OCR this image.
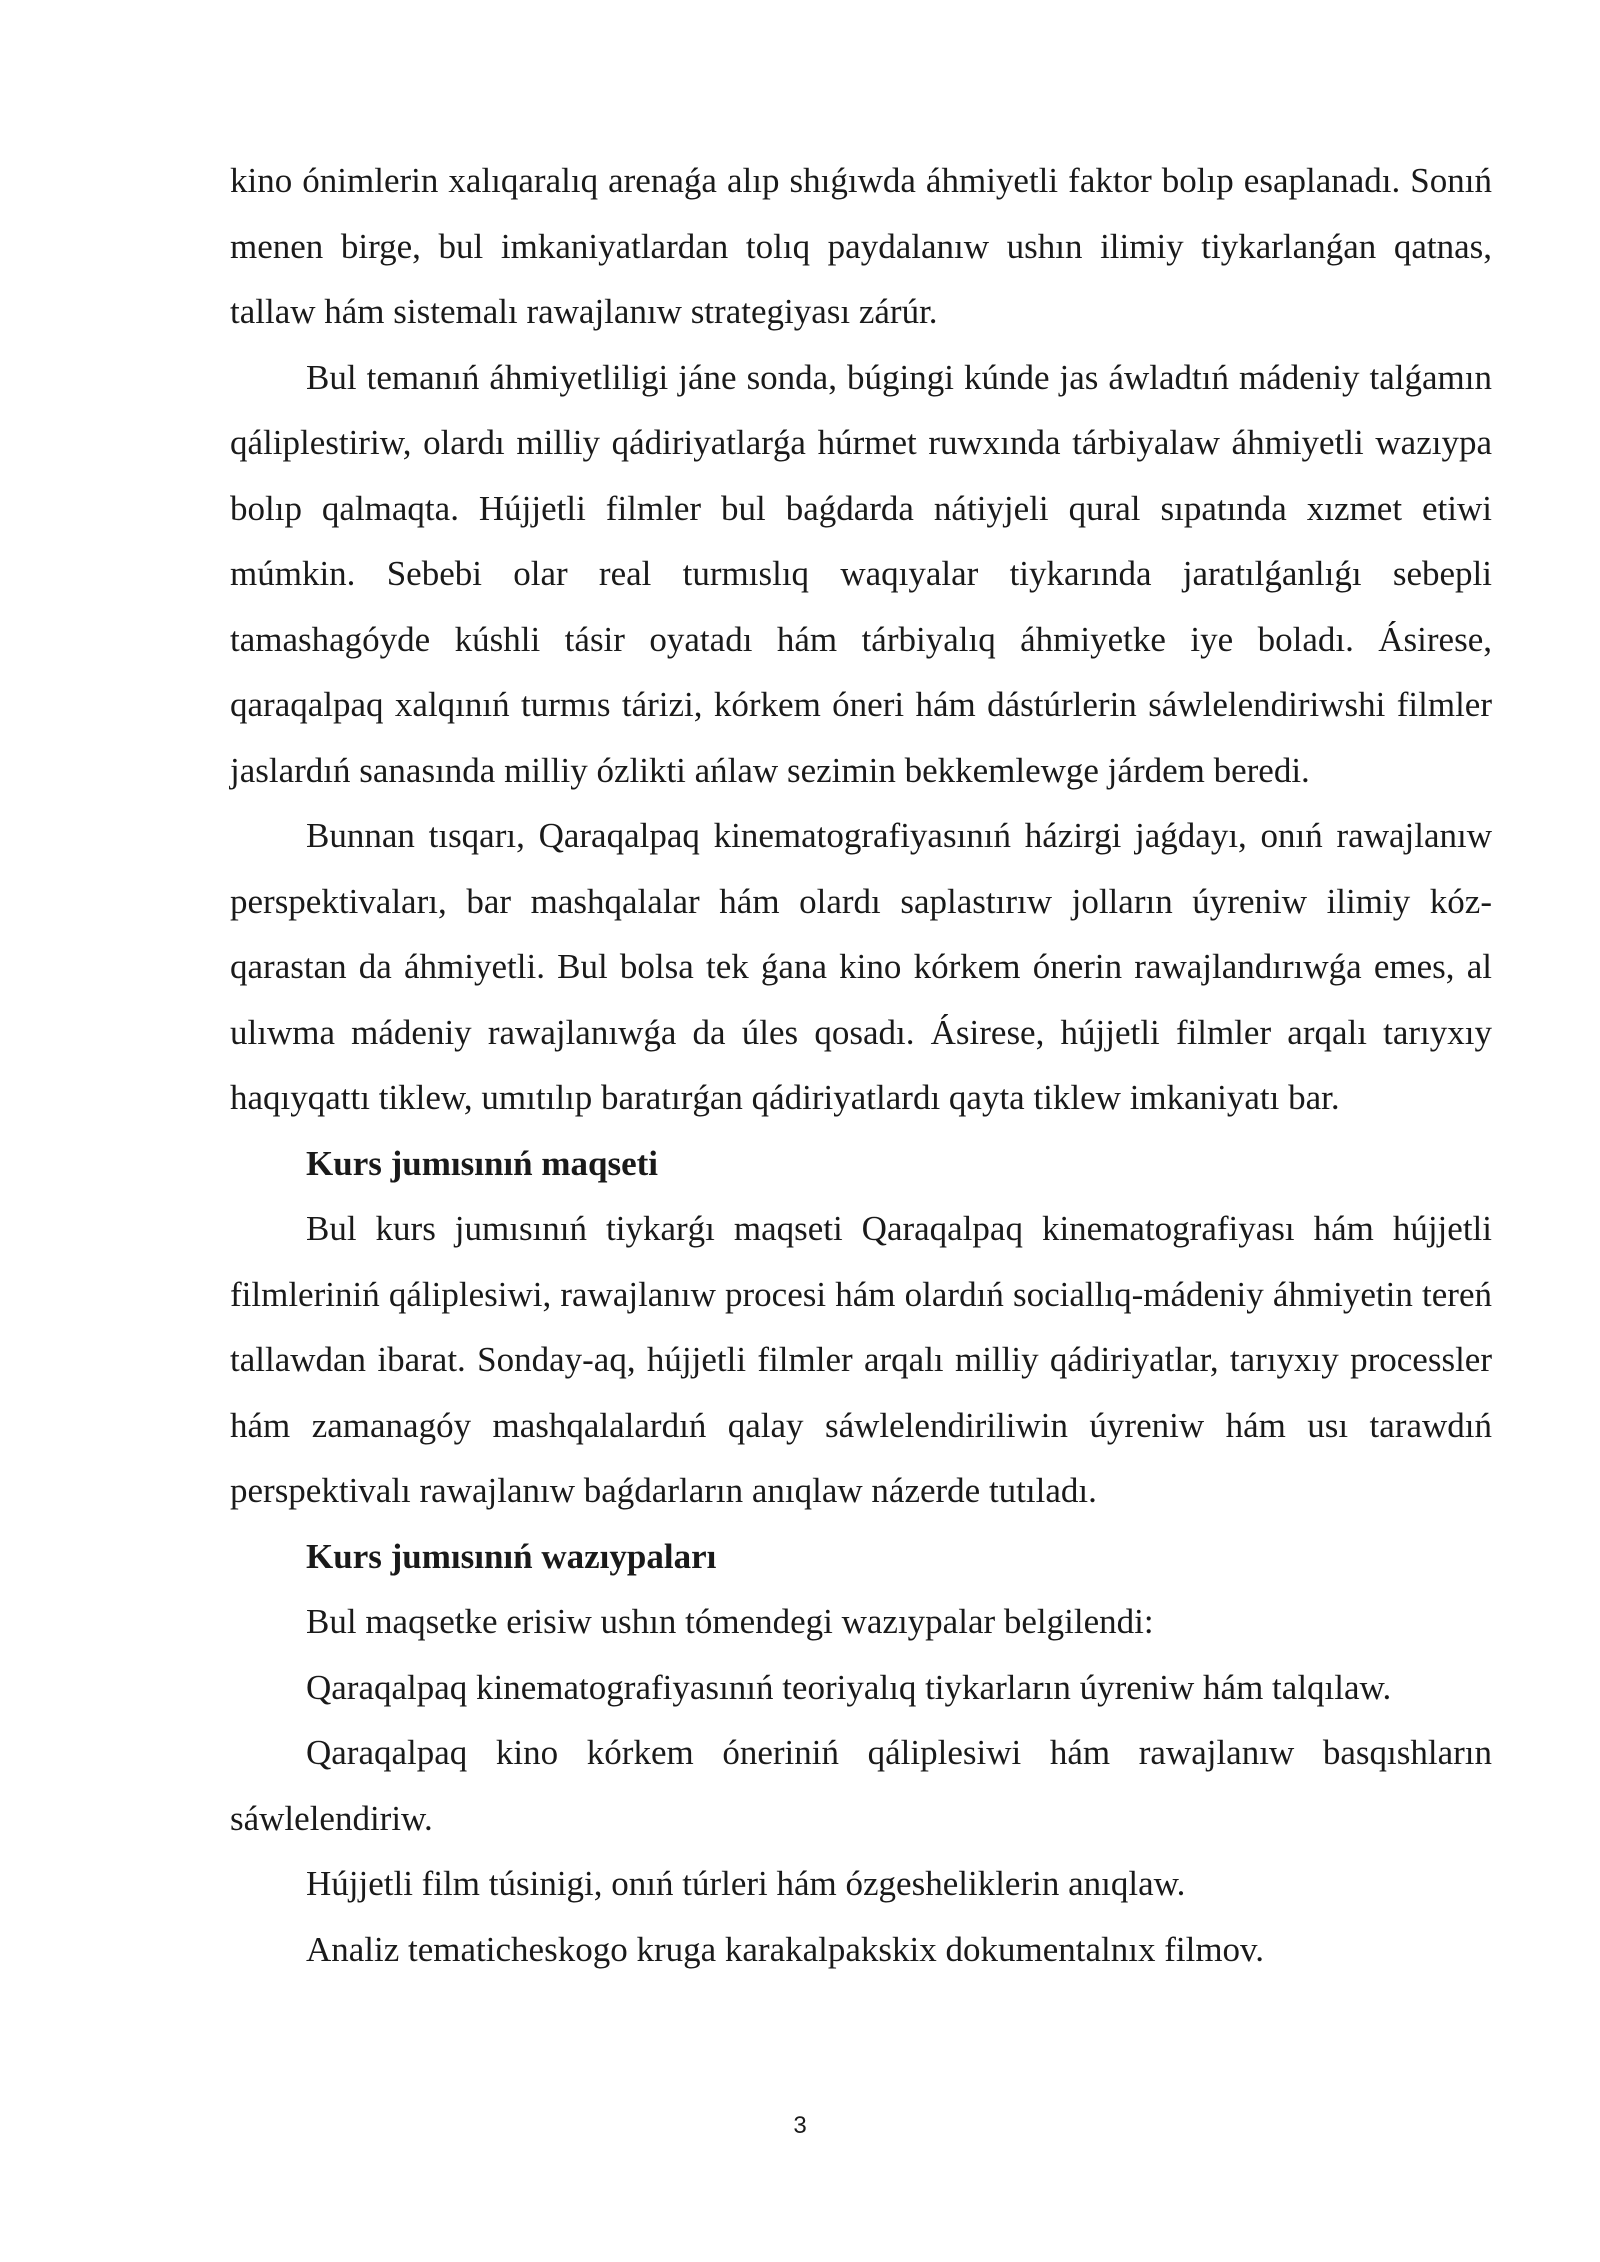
kino ónimlerin xalıqaralıq arenaǵa alıp shıǵıwda áhmiyetli faktor bolıp esaplanadı. Sonıń menen birge, bul imkaniyatlardan tolıq paydalanıw ushın ilimiy tiykarlanǵan qatnas, tallaw hám sistemalı rawajlanıw strategiyası zárúr.

Bul temanıń áhmiyetliligi jáne sonda, búgingi kúnde jas áwladtıń mádeniy talǵamın qáliplestiriw, olardı milliy qádiriyatlarǵa húrmet ruwxında tárbiyalaw áhmiyetli wazıypa bolıp qalmaqta. Hújjetli filmler bul baǵdarda nátiyjeli qural sıpatında xızmet etiwi múmkin. Sebebi olar real turmıslıq waqıyalar tiykarında jaratılǵanlıǵı sebepli tamashagóyde kúshli tásir oyatadı hám tárbiyalıq áhmiyetke iye boladı. Ásirese, qaraqalpaq xalqınıń turmıs tárizi, kórkem óneri hám dástúrlerin sáwlelendiriwshi filmler jaslardıń sanasında milliy ózlikti ańlaw sezimin bekkemlewge járdem beredi.

Bunnan tısqarı, Qaraqalpaq kinematografiyasınıń házirgi jaǵdayı, onıń rawajlanıw perspektivaları, bar mashqalalar hám olardı saplastırıw jolların úyreniw ilimiy kóz-qarastan da áhmiyetli. Bul bolsa tek ǵana kino kórkem ónerin rawajlandırıwǵa emes, al ulıwma mádeniy rawajlanıwǵa da úles qosadı. Ásirese, hújjetli filmler arqalı tarıyxıy haqıyqattı tiklew, umıtılıp baratırǵan qádiriyatlardı qayta tiklew imkaniyatı bar.

Kurs jumısınıń maqseti

Bul kurs jumısınıń tiykarǵı maqseti Qaraqalpaq kinematografiyası hám hújjetli filmleriniń qáliplesiwi, rawajlanıw procesi hám olardıń sociallıq-mádeniy áhmiyetin tereń tallawdan ibarat. Sonday-aq, hújjetli filmler arqalı milliy qádiriyatlar, tarıyxıy processler hám zamanagóy mashqalalardıń qalay sáwlelendiriliwin úyreniw hám usı tarawdıń perspektivalı rawajlanıw baǵdarların anıqlaw názerde tutıladı.

Kurs jumısınıń wazıypaları

Bul maqsetke erisiw ushın tómendegi wazıypalar belgilendi:

Qaraqalpaq kinematografiyasınıń teoriyalıq tiykarların úyreniw hám talqılaw.

Qaraqalpaq kino kórkem óneriniń qáliplesiwi hám rawajlanıw basqıshların sáwlelendiriw.

Hújjetli film túsinigi, onıń túrleri hám ózgesheliklerin anıqlaw.

Analiz tematicheskogo kruga karakalpakskix dokumentalnıx filmov.

3
